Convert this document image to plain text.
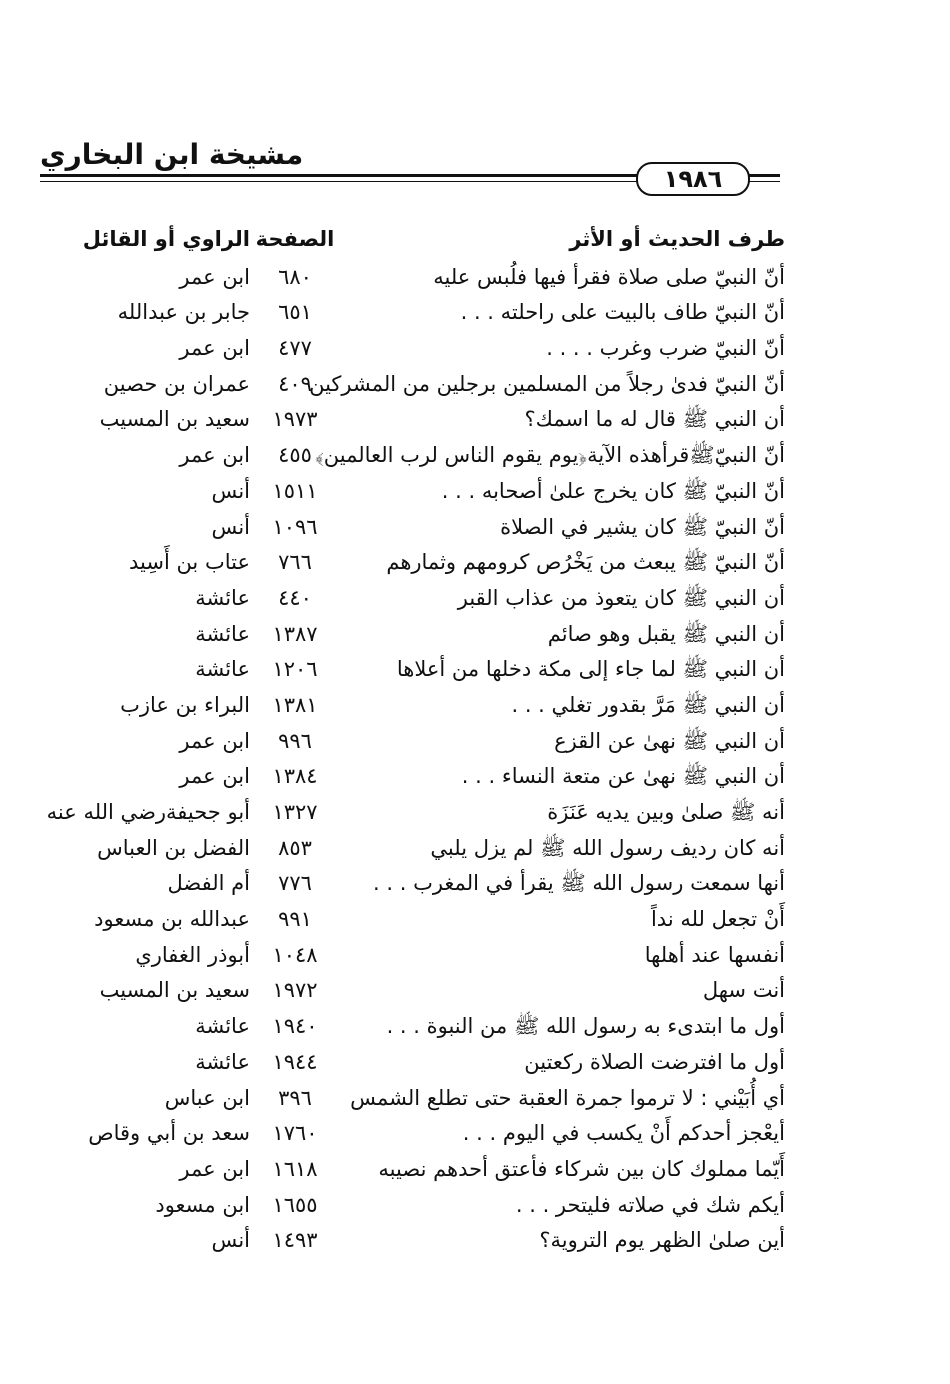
مشيخة ابن البخاري
١٩٨٦
طرف الحديث أو الأثر
الصفحة
الراوي أو القائل
أنّ النبيّ صلى صلاة فقرأ فيها فلُبس عليه
٦٨٠
ابن عمر
أنّ النبيّ طاف بالبيت على راحلته . . .
٦٥١
جابر بن عبدالله
أنّ النبيّ ضرب وغرب . . . .
٤٧٧
ابن عمر
أنّ النبيّ فدىٰ رجلاً من المسلمين برجلين من المشركين
٤٠٩
عمران بن حصين
أن النبي ﷺ قال له ما اسمك؟
١٩٧٣
سعيد بن المسيب
أنّ النبيّﷺقرأهذه الآية﴿يوم يقوم الناس لرب العالمين﴾
٤٥٥
ابن عمر
أنّ النبيّ ﷺ كان يخرج علىٰ أصحابه . . .
١٥١١
أنس
أنّ النبيّ ﷺ كان يشير في الصلاة
١٠٩٦
أنس
أنّ النبيّ ﷺ يبعث من يَخْرُص كرومهم وثمارهم
٧٦٦
عتاب بن أَسِيد
أن النبي ﷺ كان يتعوذ من عذاب القبر
٤٤٠
عائشة
أن النبي ﷺ يقبل وهو صائم
١٣٨٧
عائشة
أن النبي ﷺ لما جاء إلى مكة دخلها من أعلاها
١٢٠٦
عائشة
أن النبي ﷺ مَرَّ بقدور تغلي . . .
١٣٨١
البراء بن عازب
أن النبي ﷺ نهىٰ عن القزع
٩٩٦
ابن عمر
أن النبي ﷺ نهىٰ عن متعة النساء . . .
١٣٨٤
ابن عمر
أنه ﷺ صلىٰ وبين يديه عَنَزَة
١٣٢٧
أبو جحيفةرضي الله عنه
أنه كان رديف رسول الله ﷺ لم يزل يلبي
٨٥٣
الفضل بن العباس
أنها سمعت رسول الله ﷺ يقرأ في المغرب . . .
٧٧٦
أم الفضل
أَنْ تجعل لله نداً
٩٩١
عبدالله بن مسعود
أنفسها عند أهلها
١٠٤٨
أبوذر الغفاري
أنت سهل
١٩٧٢
سعيد بن المسيب
أول ما ابتدىء به رسول الله ﷺ من النبوة . . .
١٩٤٠
عائشة
أول ما افترضت الصلاة ركعتين
١٩٤٤
عائشة
أي أُبَيْني : لا ترموا جمرة العقبة حتى تطلع الشمس
٣٩٦
ابن عباس
أيعْجز أحدكم أَنْ يكسب في اليوم . . .
١٧٦٠
سعد بن أبي وقاص
أَيّما مملوك كان بين شركاء فأعتق أحدهم نصيبه
١٦١٨
ابن عمر
أيكم شك في صلاته فليتحر . . .
١٦٥٥
ابن مسعود
أين صلىٰ الظهر يوم التروية؟
١٤٩٣
أنس
